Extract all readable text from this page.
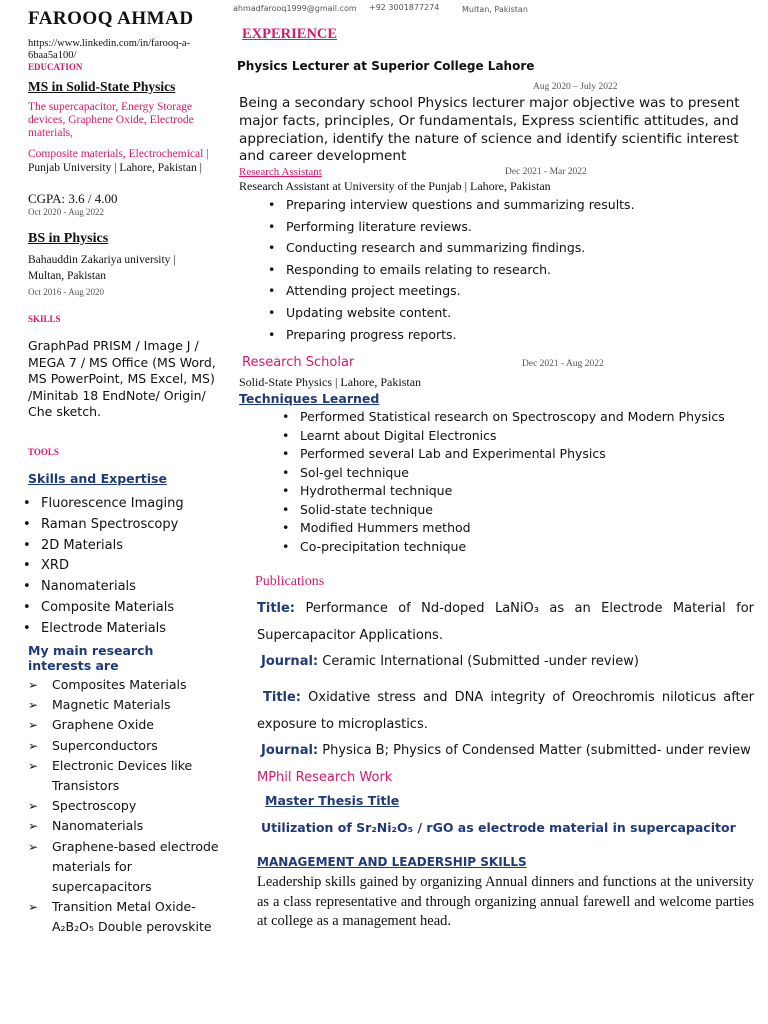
ahmadfarooq1999@gmail.com +92 3001877274	Multan, Pakistan
FAROOQ AHMAD
https://www.linkedin.com/in/farooq-a-6baa5a100/
EDUCATION
MS in Solid-State Physics
The supercapacitor, Energy Storage devices, Graphene Oxide, Electrode materials,
Composite materials, Electrochemical | Punjab University | Lahore, Pakistan |
CGPA: 3.6 / 4.00
Oct 2020 - Aug 2022
BS in Physics
Bahauddin Zakariya university | Multan, Pakistan
Oct 2016 - Aug 2020
SKILLS
GraphPad PRISM / Image J / MEGA 7 / MS Office (MS Word, MS PowerPoint, MS Excel, MS) /Minitab 18 EndNote/ Origin/ Che sketch.
TOOLS
Skills and Expertise
• Fluorescence Imaging
• Raman Spectroscopy
• 2D Materials
• XRD
• Nanomaterials
• Composite Materials
• Electrode Materials
My main research interests are
➢ Composites Materials
➢ Magnetic Materials
➢ Graphene Oxide
➢ Superconductors
➢ Electronic Devices like Transistors
➢ Spectroscopy
➢ Nanomaterials
➢ Graphene-based electrode materials for supercapacitors
➢ Transition Metal Oxide- A₂B₂O₅ Double perovskite
EXPERIENCE
Physics Lecturer at Superior College Lahore
Aug 2020 – July 2022
Being a secondary school Physics lecturer major objective was to present major facts, principles, Or fundamentals, Express scientific attitudes, and appreciation, identify the nature of science and identify scientific interest and career development
Research Assistant	Dec 2021 - Mar 2022
Research Assistant at University of the Punjab | Lahore, Pakistan
• Preparing interview questions and summarizing results.
• Performing literature reviews.
• Conducting research and summarizing findings.
• Responding to emails relating to research.
• Attending project meetings.
• Updating website content.
• Preparing progress reports.
Research Scholar	Dec 2021 - Aug 2022
Solid-State Physics | Lahore, Pakistan
Techniques Learned
• Performed Statistical research on Spectroscopy and Modern Physics
• Learnt about Digital Electronics
• Performed several Lab and Experimental Physics
• Sol-gel technique
• Hydrothermal technique
• Solid-state technique
• Modified Hummers method
• Co-precipitation technique
Publications
Title: Performance of Nd-doped LaNiO₃ as an Electrode Material for Supercapacitor Applications.
Journal: Ceramic International (Submitted -under review)
Title: Oxidative stress and DNA integrity of Oreochromis niloticus after exposure to microplastics.
Journal: Physica B; Physics of Condensed Matter (submitted- under review
MPhil Research Work
Master Thesis Title
Utilization of Sr₂Ni₂O₅ / rGO as electrode material in supercapacitor
MANAGEMENT AND LEADERSHIP SKILLS
Leadership skills gained by organizing Annual dinners and functions at the university as a class representative and through organizing annual farewell and welcome parties at college as a management head.
